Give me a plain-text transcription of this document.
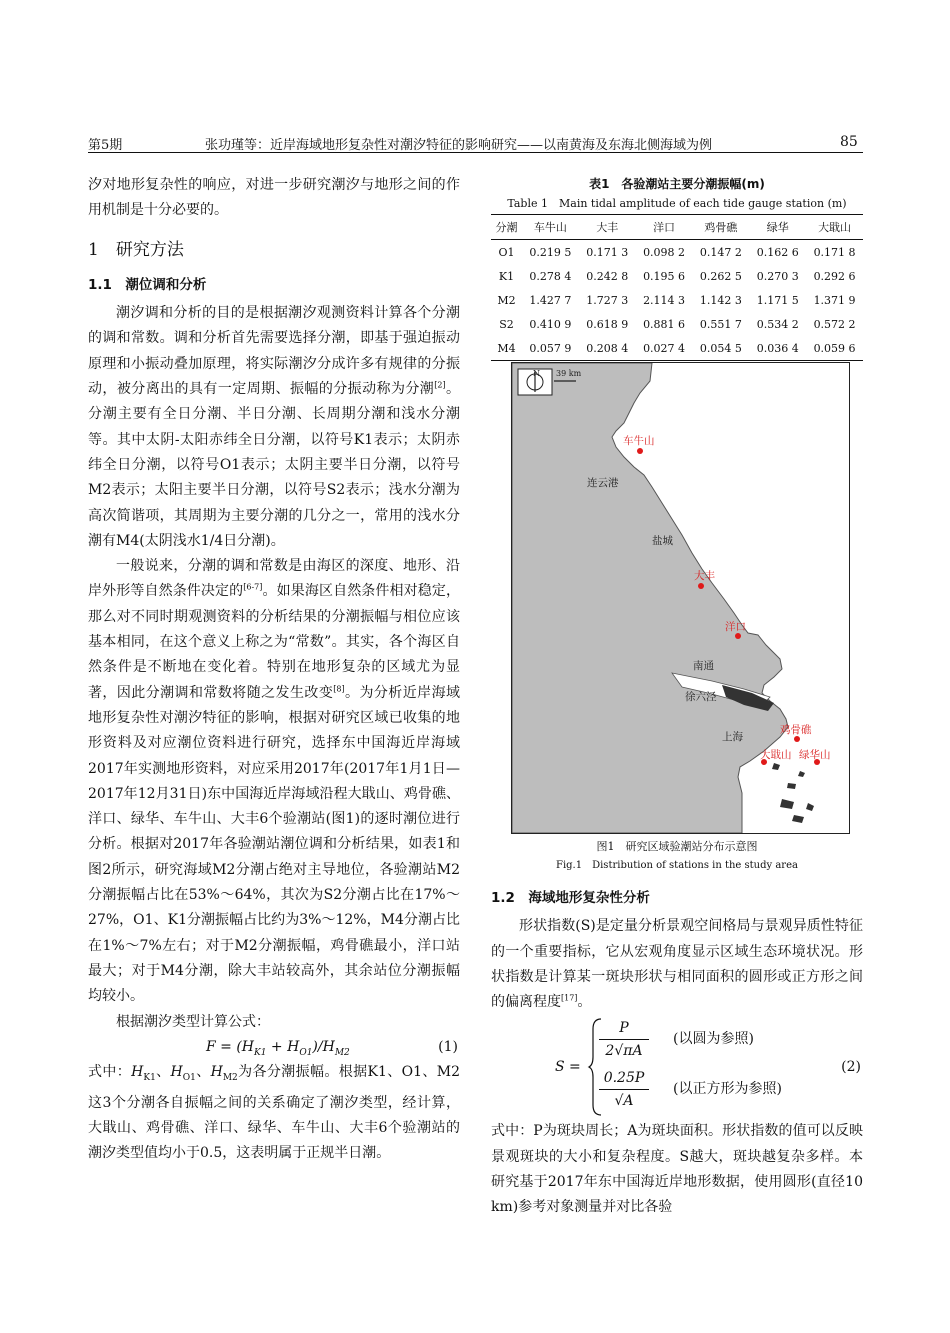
第5期	张功瑾等：近岸海域地形复杂性对潮汐特征的影响研究——以南黄海及东海北侧海域为例	85

汐对地形复杂性的响应，对进一步研究潮汐与地形之间的作用机制是十分必要的。

1　研究方法
1.1　潮位调和分析

潮汐调和分析的目的是根据潮汐观测资料计算各个分潮的调和常数。调和分析首先需要选择分潮，即基于强迫振动原理和小振动叠加原理，将实际潮汐分成许多有规律的分振动，被分离出的具有一定周期、振幅的分振动称为分潮[2]。分潮主要有全日分潮、半日分潮、长周期分潮和浅水分潮等。其中太阴-太阳赤纬全日分潮，以符号K1表示；太阴赤纬全日分潮，以符号O1表示；太阴主要半日分潮，以符号M2表示；太阳主要半日分潮，以符号S2表示；浅水分潮为高次简谐项，其周期为主要分潮的几分之一，常用的浅水分潮有M4(太阴浅水1/4日分潮)。

一般说来，分潮的调和常数是由海区的深度、地形、沿岸外形等自然条件决定的[6-7]。如果海区自然条件相对稳定，那么对不同时期观测资料的分析结果的分潮振幅与相位应该基本相同，在这个意义上称之为“常数”。其实，各个海区自然条件是不断地在变化着。特别在地形复杂的区域尤为显著，因此分潮调和常数将随之发生改变[8]。为分析近岸海域地形复杂性对潮汐特征的影响，根据对研究区域已收集的地形资料及对应潮位资料进行研究，选择东中国海近岸海域2017年实测地形资料，对应采用2017年(2017年1月1日—2017年12月31日)东中国海近岸海域沿程大戢山、鸡骨礁、洋口、绿华、车牛山、大丰6个验潮站(图1)的逐时潮位进行分析。根据对2017年各验潮站潮位调和分析结果，如表1和图2所示，研究海域M2分潮占绝对主导地位，各验潮站M2分潮振幅占比在53%～64%，其次为S2分潮占比在17%～27%，O1、K1分潮振幅占比约为3%～12%，M4分潮占比在1%～7%左右；对于M2分潮振幅，鸡骨礁最小，洋口站最大；对于M4分潮，除大丰站较高外，其余站位分潮振幅均较小。

根据潮汐类型计算公式：

$F = (H_{K1} + H_{O1})/H_{M2}$	(1)

式中：$H_{K1}$、$H_{O1}$、$H_{M2}$为各分潮振幅。根据K1、O1、M2这3个分潮各自振幅之间的关系确定了潮汐类型，经计算，大戢山、鸡骨礁、洋口、绿华、车牛山、大丰6个验潮站的潮汐类型值均小于0.5，这表明属于正规半日潮。

表1　各验潮站主要分潮振幅(m)
Table 1　Main tidal amplitude of each tide gauge station (m)
分潮	车牛山	大丰	洋口	鸡骨礁	绿华	大戢山
O1	0.219 5	0.171 3	0.098 2	0.147 2	0.162 6	0.171 8
K1	0.278 4	0.242 8	0.195 6	0.262 5	0.270 3	0.292 6
M2	1.427 7	1.727 3	2.114 3	1.142 3	1.171 5	1.371 9
S2	0.410 9	0.618 9	0.881 6	0.551 7	0.534 2	0.572 2
M4	0.057 9	0.208 4	0.027 4	0.054 5	0.036 4	0.059 6
N 39 km
连云港
盐城
南通
徐六泾
上海
车牛山
大丰
洋口
鸡骨礁
大戢山 绿华山
图1　研究区域验潮站分布示意图
Fig.1　Distribution of stations in the study area
1.2　海域地形复杂性分析

形状指数(S)是定量分析景观空间格局与景观异质性特征的一个重要指标，它从宏观角度显示区域生态环境状况。形状指数是计算某一斑块形状与相同面积的圆形或正方形之间的偏离程度[17]。

S =
P
2√πA
(以圆为参照)
0.25P
√A
(以正方形为参照)
(2)

式中：P为斑块周长；A为斑块面积。形状指数的值可以反映景观斑块的大小和复杂程度。S越大，斑块越复杂多样。本研究基于2017年东中国海近岸地形数据，使用圆形(直径10 km)参考对象测量并对比各验
